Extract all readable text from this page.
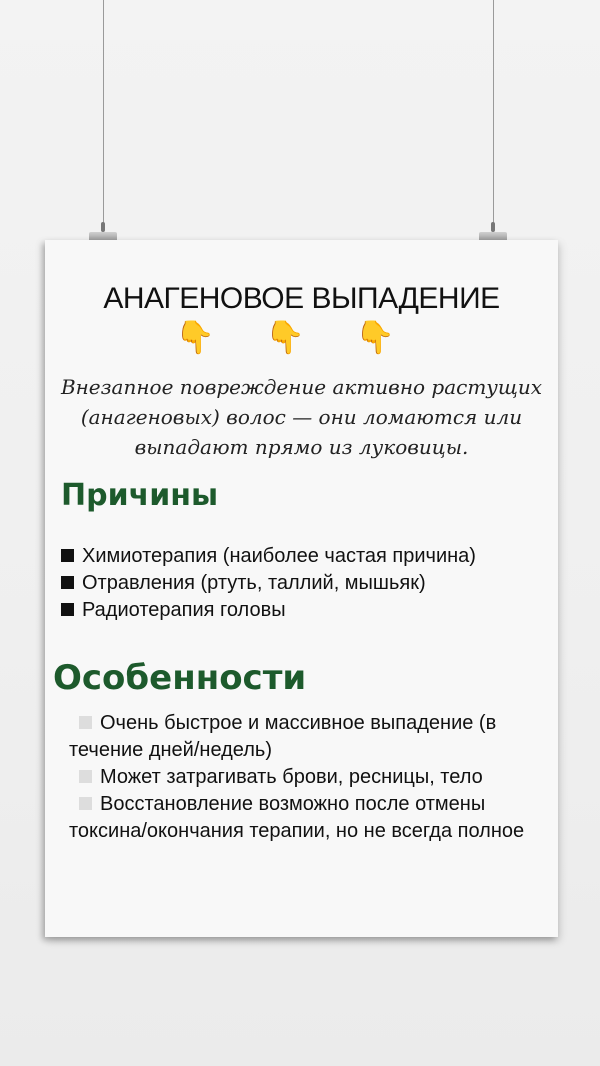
АНАГЕНОВОЕ ВЫПАДЕНИЕ
👇 👇 👇
Внезапное повреждение активно растущих (анагеновых) волос — они ломаются или выпадают прямо из луковицы.
Причины
Химиотерапия (наиболее частая причина)
Отравления (ртуть, таллий, мышьяк)
Радиотерапия головы
Особенности
Очень быстрое и массивное выпадение (в течение дней/недель)
Может затрагивать брови, ресницы, тело
Восстановление возможно после отмены токсина/окончания терапии, но не всегда полное
